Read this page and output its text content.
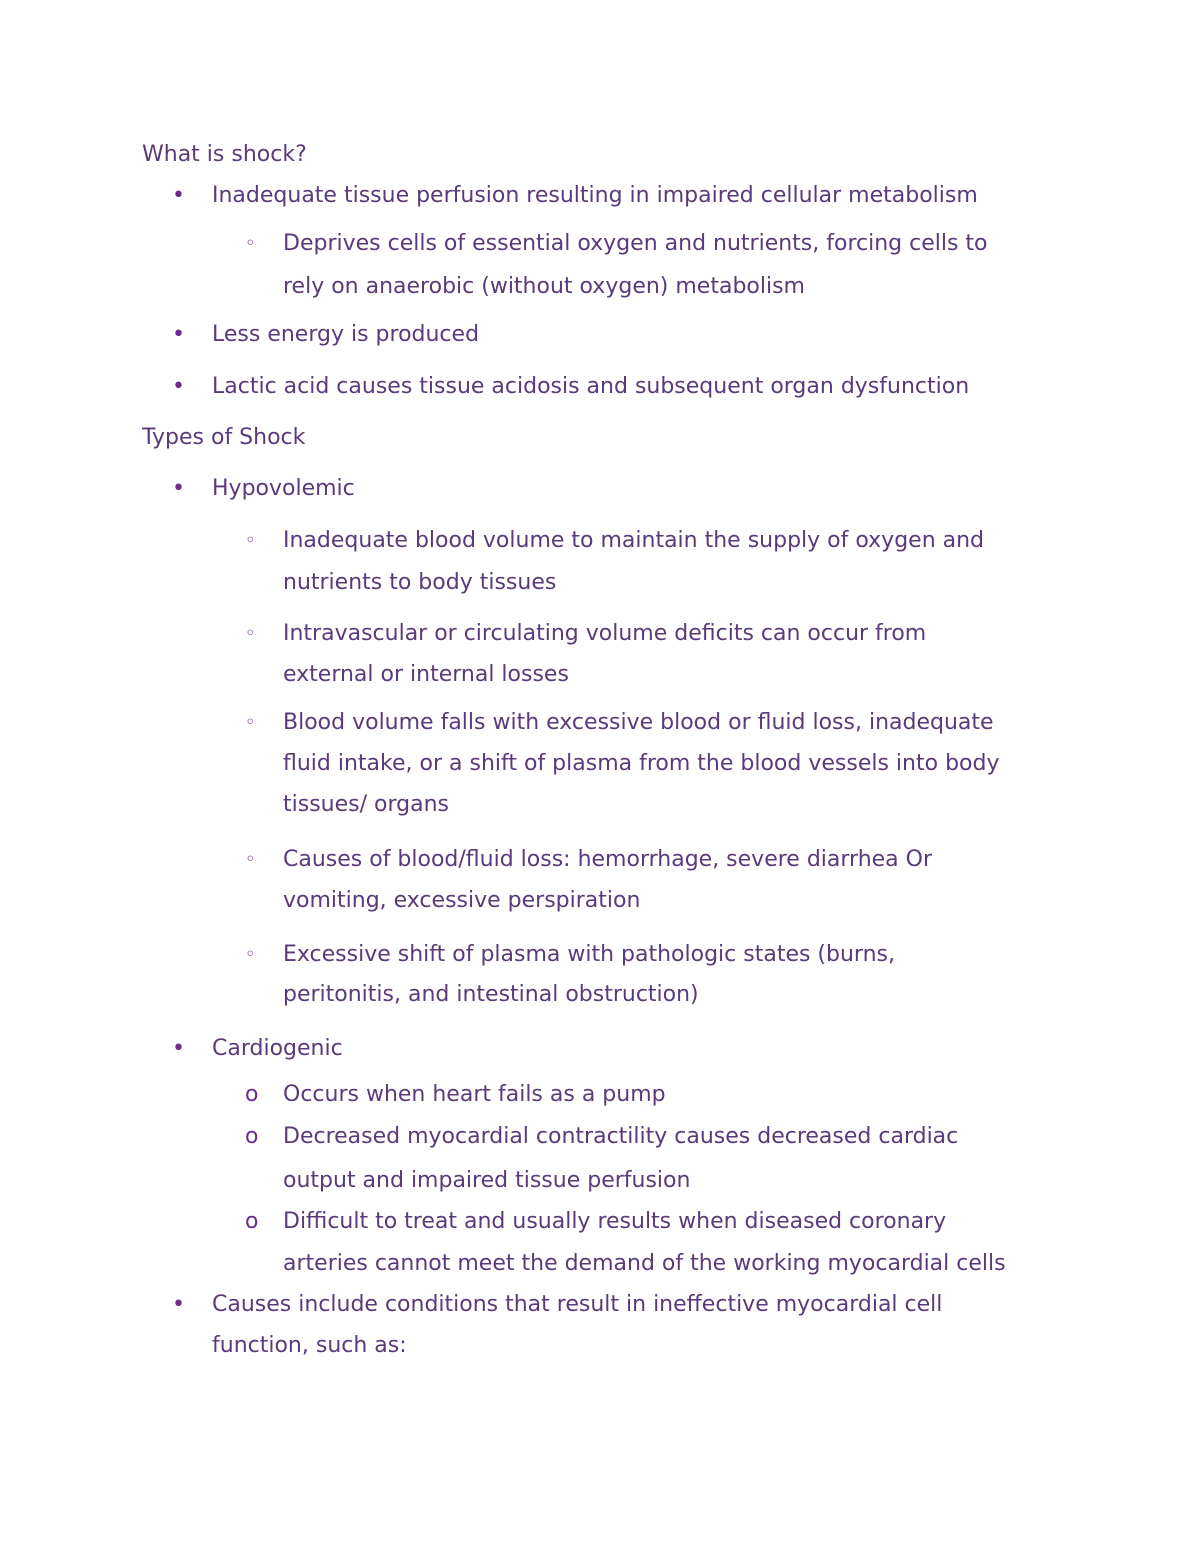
What is shock?
• Inadequate tissue perfusion resulting in impaired cellular metabolism
◦ Deprives cells of essential oxygen and nutrients, forcing cells to
rely on anaerobic (without oxygen) metabolism
• Less energy is produced
• Lactic acid causes tissue acidosis and subsequent organ dysfunction
Types of Shock
• Hypovolemic
◦ Inadequate blood volume to maintain the supply of oxygen and
nutrients to body tissues
◦ Intravascular or circulating volume deficits can occur from
external or internal losses
◦ Blood volume falls with excessive blood or fluid loss, inadequate
fluid intake, or a shift of plasma from the blood vessels into body
tissues/ organs
◦ Causes of blood/fluid loss: hemorrhage, severe diarrhea Or
vomiting, excessive perspiration
◦ Excessive shift of plasma with pathologic states (burns,
peritonitis, and intestinal obstruction)
• Cardiogenic
o Occurs when heart fails as a pump
o Decreased myocardial contractility causes decreased cardiac
output and impaired tissue perfusion
o Difficult to treat and usually results when diseased coronary
arteries cannot meet the demand of the working myocardial cells
• Causes include conditions that result in ineffective myocardial cell
function, such as:
